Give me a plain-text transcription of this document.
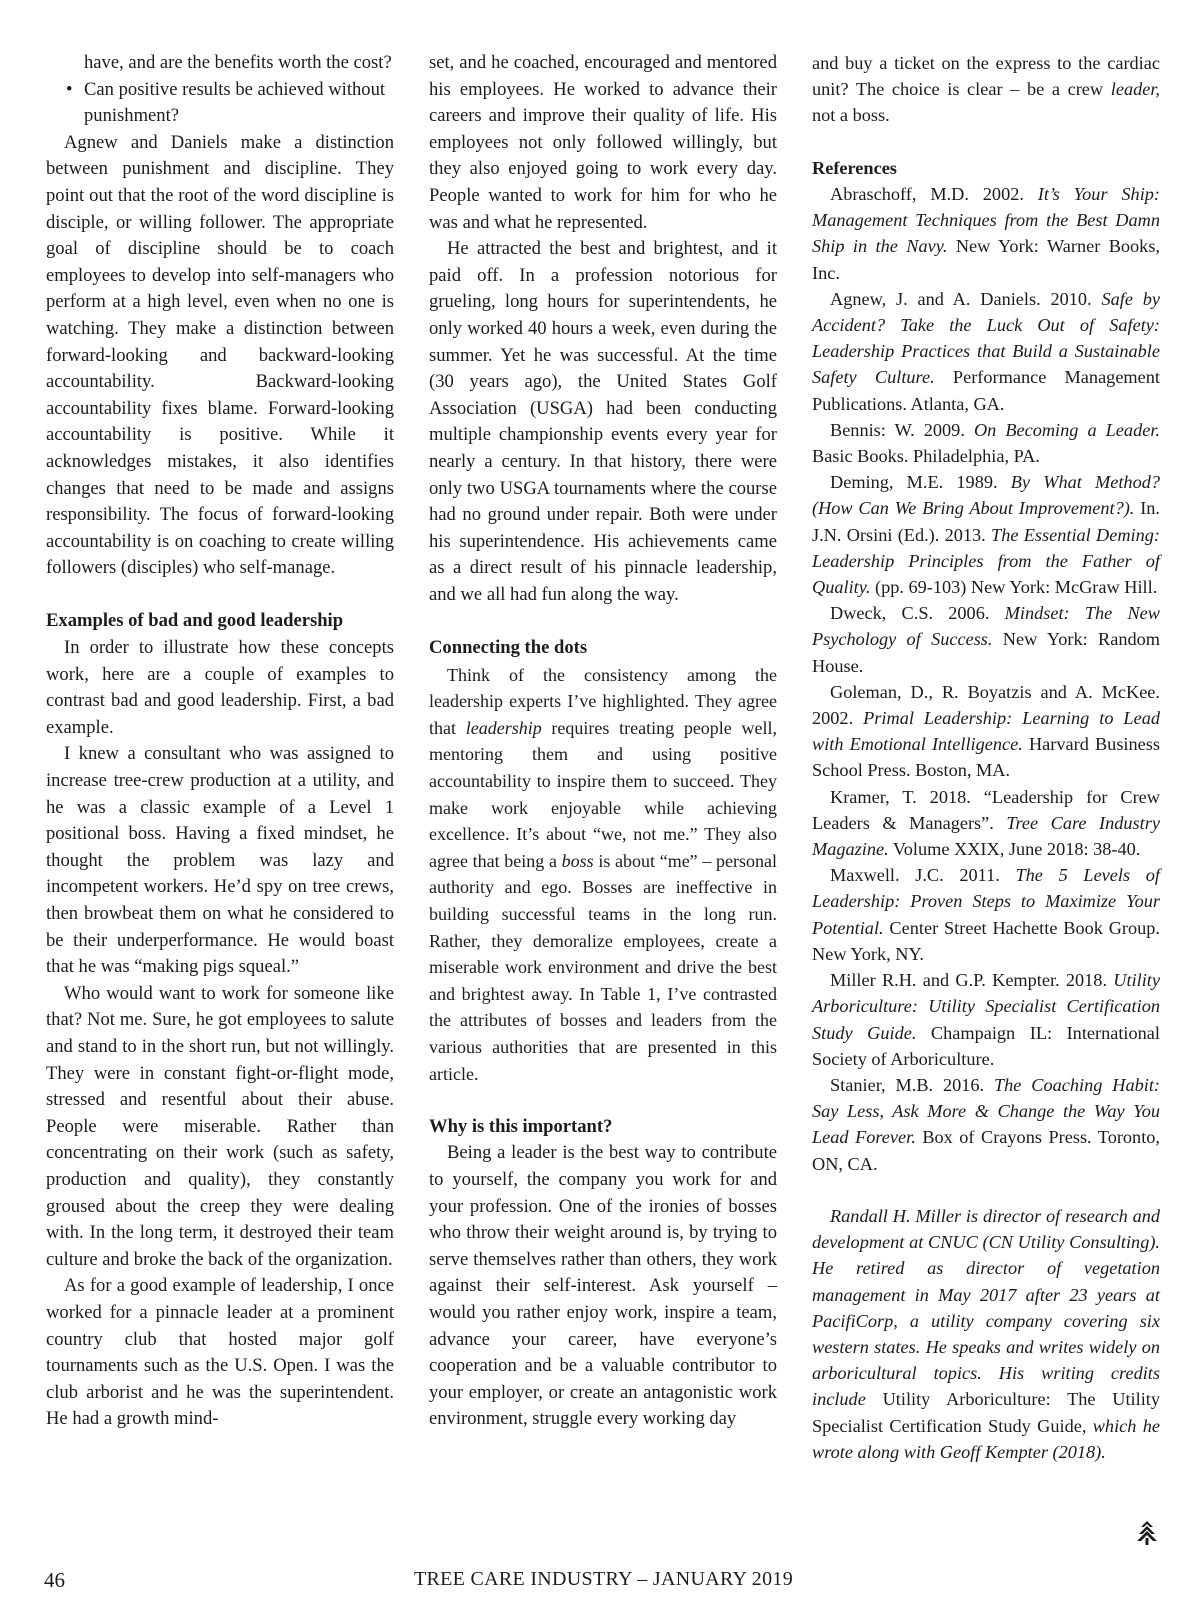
have, and are the benefits worth the cost?

• Can positive results be achieved without punishment?

Agnew and Daniels make a distinction between punishment and discipline. They point out that the root of the word discipline is disciple, or willing follower. The appropriate goal of discipline should be to coach employees to develop into self-managers who perform at a high level, even when no one is watching. They make a distinction between forward-looking and backward-looking accountability. Backward-looking accountability fixes blame. Forward-looking accountability is positive. While it acknowledges mistakes, it also identifies changes that need to be made and assigns responsibility. The focus of forward-looking accountability is on coaching to create willing followers (disciples) who self-manage.

Examples of bad and good leadership

In order to illustrate how these concepts work, here are a couple of examples to contrast bad and good leadership. First, a bad example.

I knew a consultant who was assigned to increase tree-crew production at a utility, and he was a classic example of a Level 1 positional boss. Having a fixed mindset, he thought the problem was lazy and incompetent workers. He’d spy on tree crews, then browbeat them on what he considered to be their underperformance. He would boast that he was “making pigs squeal.”

Who would want to work for someone like that? Not me. Sure, he got employees to salute and stand to in the short run, but not willingly. They were in constant fight-or-flight mode, stressed and resentful about their abuse. People were miserable. Rather than concentrating on their work (such as safety, production and quality), they constantly groused about the creep they were dealing with. In the long term, it destroyed their team culture and broke the back of the organization.

As for a good example of leadership, I once worked for a pinnacle leader at a prominent country club that hosted major golf tournaments such as the U.S. Open. I was the club arborist and he was the superintendent. He had a growth mind-

set, and he coached, encouraged and mentored his employees. He worked to advance their careers and improve their quality of life. His employees not only followed willingly, but they also enjoyed going to work every day. People wanted to work for him for who he was and what he represented.

He attracted the best and brightest, and it paid off. In a profession notorious for grueling, long hours for superintendents, he only worked 40 hours a week, even during the summer. Yet he was successful. At the time (30 years ago), the United States Golf Association (USGA) had been conducting multiple championship events every year for nearly a century. In that history, there were only two USGA tournaments where the course had no ground under repair. Both were under his superintendence. His achievements came as a direct result of his pinnacle leadership, and we all had fun along the way.

Connecting the dots

Think of the consistency among the leadership experts I’ve highlighted. They agree that leadership requires treating people well, mentoring them and using positive accountability to inspire them to succeed. They make work enjoyable while achieving excellence. It’s about “we, not me.” They also agree that being a boss is about “me” – personal authority and ego. Bosses are ineffective in building successful teams in the long run. Rather, they demoralize employees, create a miserable work environment and drive the best and brightest away. In Table 1, I’ve contrasted the attributes of bosses and leaders from the various authorities that are presented in this article.

Why is this important?

Being a leader is the best way to contribute to yourself, the company you work for and your profession. One of the ironies of bosses who throw their weight around is, by trying to serve themselves rather than others, they work against their self-interest. Ask yourself – would you rather enjoy work, inspire a team, advance your career, have everyone’s cooperation and be a valuable contributor to your employer, or create an antagonistic work environment, struggle every working day

and buy a ticket on the express to the cardiac unit? The choice is clear – be a crew leader, not a boss.

References

Abraschoff, M.D. 2002. It’s Your Ship: Management Techniques from the Best Damn Ship in the Navy. New York: Warner Books, Inc.

Agnew, J. and A. Daniels. 2010. Safe by Accident? Take the Luck Out of Safety: Leadership Practices that Build a Sustainable Safety Culture. Performance Management Publications. Atlanta, GA.

Bennis: W. 2009. On Becoming a Leader. Basic Books. Philadelphia, PA.

Deming, M.E. 1989. By What Method? (How Can We Bring About Improvement?). In. J.N. Orsini (Ed.). 2013. The Essential Deming: Leadership Principles from the Father of Quality. (pp. 69-103) New York: McGraw Hill.

Dweck, C.S. 2006. Mindset: The New Psychology of Success. New York: Random House.

Goleman, D., R. Boyatzis and A. McKee. 2002. Primal Leadership: Learning to Lead with Emotional Intelligence. Harvard Business School Press. Boston, MA.

Kramer, T. 2018. “Leadership for Crew Leaders & Managers”. Tree Care Industry Magazine. Volume XXIX, June 2018: 38-40.

Maxwell. J.C. 2011. The 5 Levels of Leadership: Proven Steps to Maximize Your Potential. Center Street Hachette Book Group. New York, NY.

Miller R.H. and G.P. Kempter. 2018. Utility Arboriculture: Utility Specialist Certification Study Guide. Champaign IL: International Society of Arboriculture.

Stanier, M.B. 2016. The Coaching Habit: Say Less, Ask More & Change the Way You Lead Forever. Box of Crayons Press. Toronto, ON, CA.

Randall H. Miller is director of research and development at CNUC (CN Utility Consulting). He retired as director of vegetation management in May 2017 after 23 years at PacifiCorp, a utility company covering six western states. He speaks and writes widely on arboricultural topics. His writing credits include Utility Arboriculture: The Utility Specialist Certification Study Guide, which he wrote along with Geoff Kempter (2018).

46	TREE CARE INDUSTRY – JANUARY 2019
